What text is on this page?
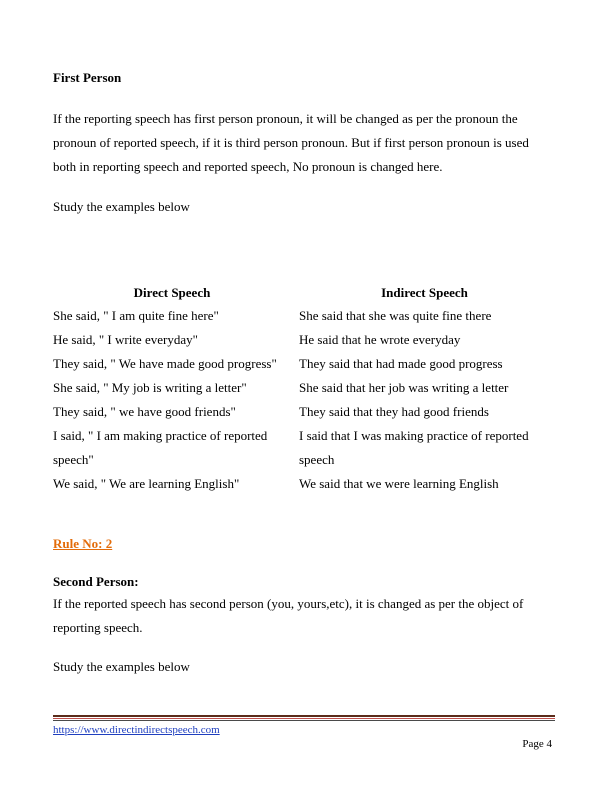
First Person
If the reporting speech has first person pronoun, it will be changed as per the pronoun the pronoun of reported speech, if it is third person pronoun. But if first person pronoun is used both in reporting speech and reported speech, No pronoun is changed here.
Study the examples below
Direct Speech	Indirect Speech
She said, " I am quite fine here"	She said that she was quite fine there
He said, " I write everyday"	He said that he wrote everyday
They said, " We have made good progress"	They said that had made good progress
She said, " My job is writing a letter"	She said that her job was writing a letter
They said, " we have good friends"	They said that they had good friends
I said, " I am making practice of reported speech"	I said that I was making practice of reported speech
We said, " We are learning English"	We said that we were learning English
Rule No: 2
Second Person:
If the reported speech has second person (you, yours,etc), it is changed as per the object of reporting speech.
Study the examples below
https://www.directindirectspeech.com
Page 4
